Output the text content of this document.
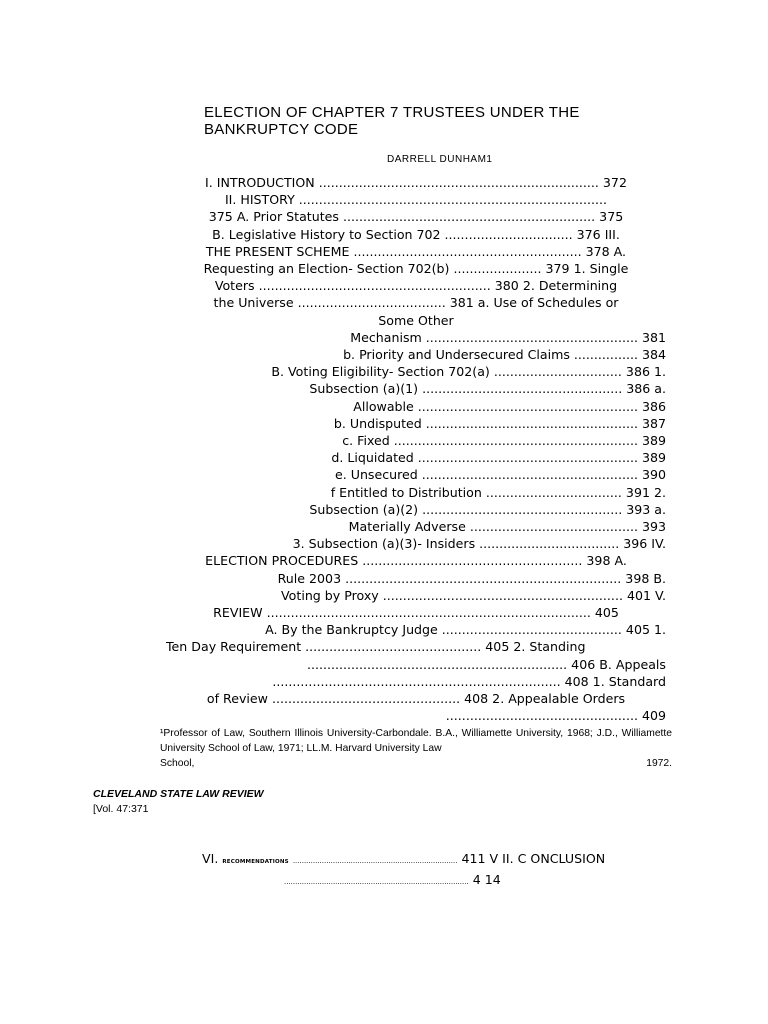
ELECTION OF CHAPTER 7 TRUSTEES UNDER THE
BANKRUPTCY CODE
DARRELL DUNHAM1
I. INTRODUCTION ...................................................................... 372
II. HISTORY .............................................................................
375 A. Prior Statutes ............................................................... 375
B. Legislative History to Section 702 ................................ 376 III.
THE PRESENT SCHEME ......................................................... 378 A.
Requesting an Election- Section 702(b) ...................... 379 1. Single
Voters .......................................................... 380 2. Determining
the Universe ..................................... 381 a. Use of Schedules or
Some Other
Mechanism ..................................................... 381
b. Priority and Undersecured Claims ................ 384
B. Voting Eligibility- Section 702(a) ................................ 386 1.
Subsection (a)(1) .................................................. 386 a.
Allowable ....................................................... 386
b. Undisputed ..................................................... 387
c. Fixed ............................................................. 389
d. Liquidated ....................................................... 389
e. Unsecured ...................................................... 390
f Entitled to Distribution .................................. 391 2.
Subsection (a)(2) .................................................. 393 a.
Materially Adverse .......................................... 393
3. Subsection (a)(3)- Insiders ................................... 396 IV.
ELECTION PROCEDURES ....................................................... 398 A.
Rule 2003 ..................................................................... 398 B.
Voting by Proxy ............................................................ 401 V.
REVIEW ................................................................................. 405
A. By the Bankruptcy Judge ............................................. 405 1.
Ten Day Requirement ............................................ 405 2. Standing
................................................................. 406 B. Appeals
........................................................................ 408 1. Standard
of Review ............................................... 408 2. Appealable Orders
................................................ 409
¹Professor of Law, Southern Illinois University-Carbondale. B.A., Williamette University, 1968; J.D., Williamette University School of Law, 1971; LL.M. Harvard University Law
School,	1972.
CLEVELAND STATE LAW REVIEW
[Vol. 47:371
VI. RECOMMENDATIONS .......................................................................... 411 V II. C ONCLUSION
................................................................................... 4 14
